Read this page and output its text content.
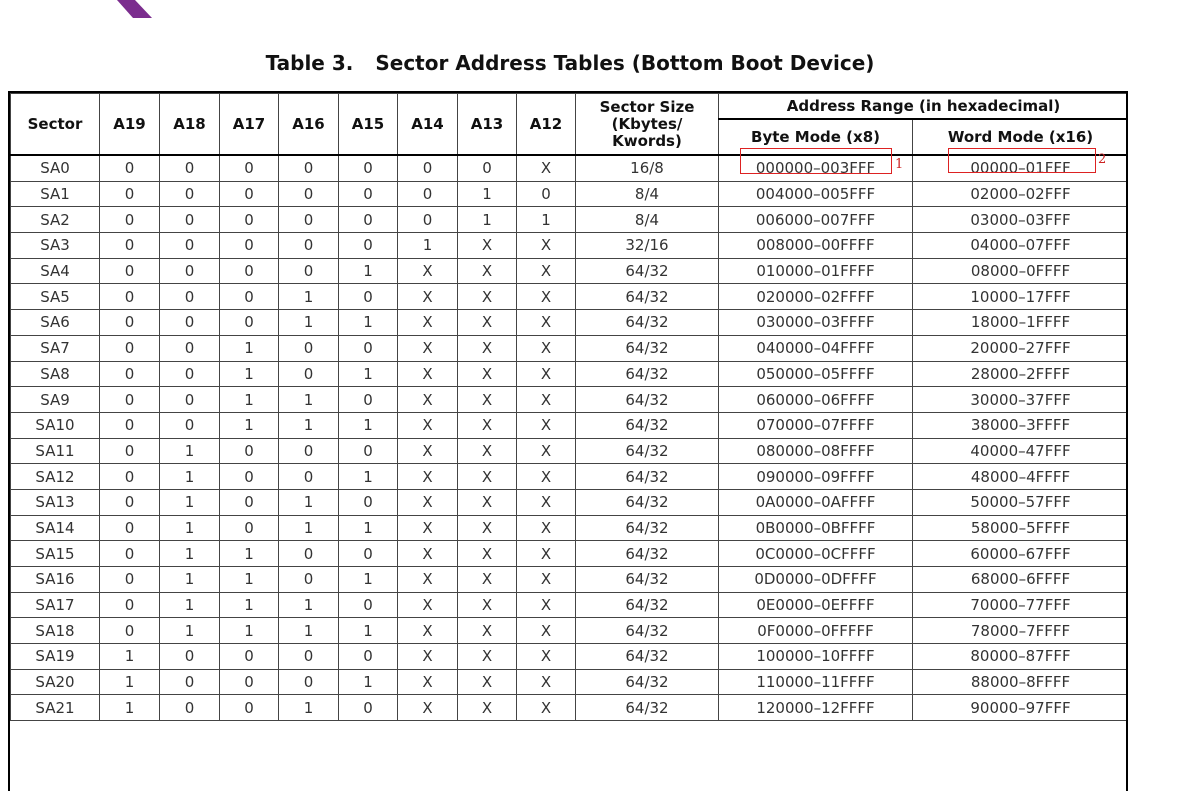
Table 3. Sector Address Tables (Bottom Boot Device)
Sector	A19	A18	A17	A16	A15	A14	A13	A12	Sector Size (Kbytes/ Kwords)	Address Range (in hexadecimal)	
										Byte Mode (x8)	Word Mode (x16)
SA0	0	0	0	0	0	0	0	X	16/8	000000–003FFF	00000–01FFF
SA1	0	0	0	0	0	0	1	0	8/4	004000–005FFF	02000–02FFF
SA2	0	0	0	0	0	0	1	1	8/4	006000–007FFF	03000–03FFF
SA3	0	0	0	0	0	1	X	X	32/16	008000–00FFFF	04000–07FFF
SA4	0	0	0	0	1	X	X	X	64/32	010000–01FFFF	08000–0FFFF
SA5	0	0	0	1	0	X	X	X	64/32	020000–02FFFF	10000–17FFF
SA6	0	0	0	1	1	X	X	X	64/32	030000–03FFFF	18000–1FFFF
SA7	0	0	1	0	0	X	X	X	64/32	040000–04FFFF	20000–27FFF
SA8	0	0	1	0	1	X	X	X	64/32	050000–05FFFF	28000–2FFFF
SA9	0	0	1	1	0	X	X	X	64/32	060000–06FFFF	30000–37FFF
SA10	0	0	1	1	1	X	X	X	64/32	070000–07FFFF	38000–3FFFF
SA11	0	1	0	0	0	X	X	X	64/32	080000–08FFFF	40000–47FFF
SA12	0	1	0	0	1	X	X	X	64/32	090000–09FFFF	48000–4FFFF
SA13	0	1	0	1	0	X	X	X	64/32	0A0000–0AFFFF	50000–57FFF
SA14	0	1	0	1	1	X	X	X	64/32	0B0000–0BFFFF	58000–5FFFF
SA15	0	1	1	0	0	X	X	X	64/32	0C0000–0CFFFF	60000–67FFF
SA16	0	1	1	0	1	X	X	X	64/32	0D0000–0DFFFF	68000–6FFFF
SA17	0	1	1	1	0	X	X	X	64/32	0E0000–0EFFFF	70000–77FFF
SA18	0	1	1	1	1	X	X	X	64/32	0F0000–0FFFFF	78000–7FFFF
SA19	1	0	0	0	0	X	X	X	64/32	100000–10FFFF	80000–87FFF
SA20	1	0	0	0	1	X	X	X	64/32	110000–11FFFF	88000–8FFFF
SA21	1	0	0	1	0	X	X	X	64/32	120000–12FFFF	90000–97FFF
1	2
